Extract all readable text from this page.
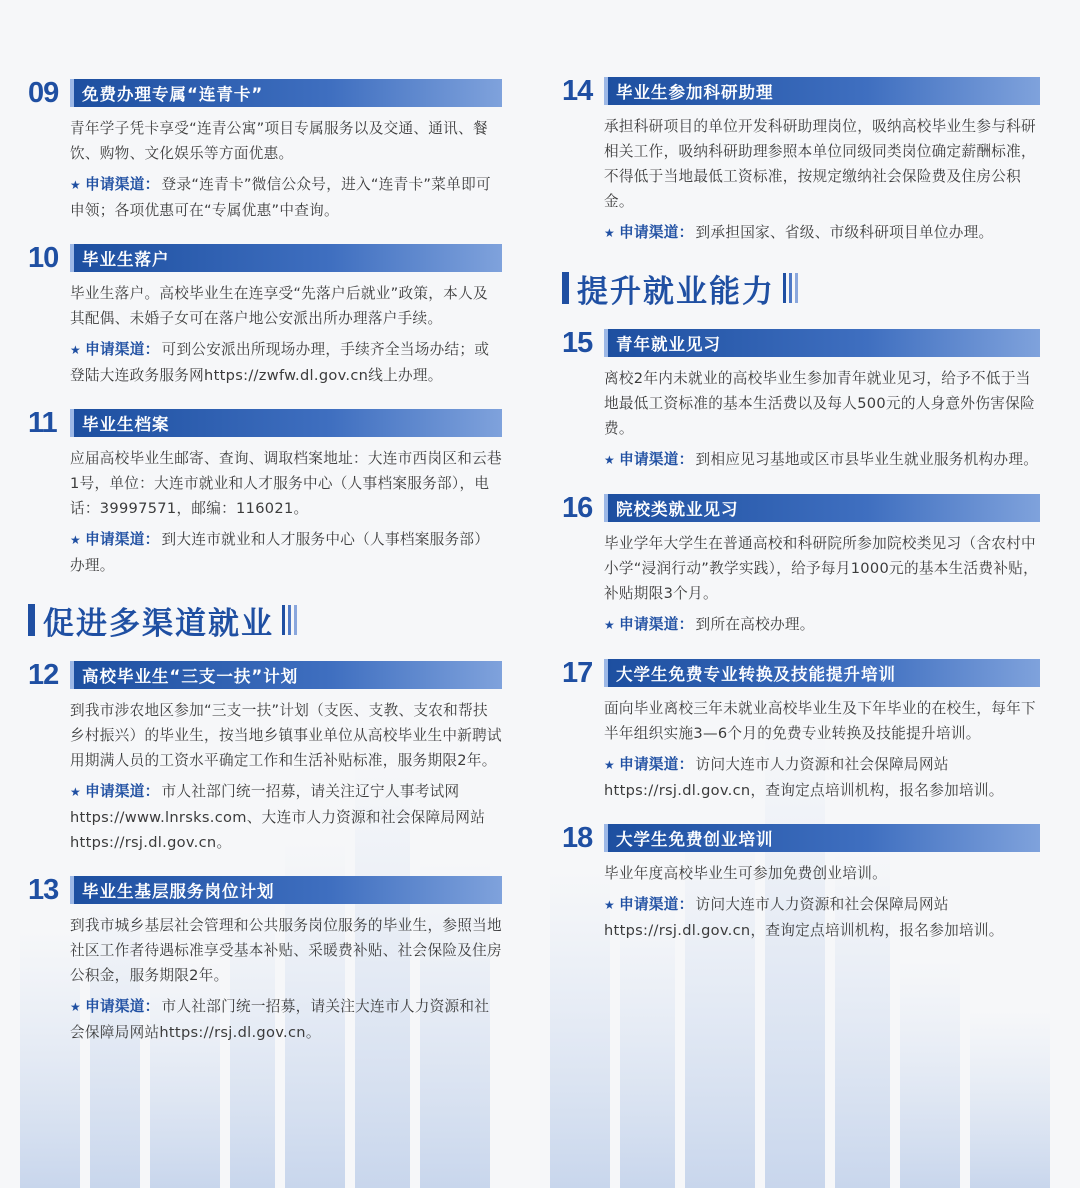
09	免费办理专属“连青卡”

青年学子凭卡享受“连青公寓”项目专属服务以及交通、通讯、餐饮、购物、文化娱乐等方面优惠。

★ 申请渠道： 登录“连青卡”微信公众号，进入“连青卡”菜单即可申领；各项优惠可在“专属优惠”中查询。

10	毕业生落户

毕业生落户。高校毕业生在连享受“先落户后就业”政策，本人及其配偶、未婚子女可在落户地公安派出所办理落户手续。

★ 申请渠道： 可到公安派出所现场办理，手续齐全当场办结；或登陆大连政务服务网https://zwfw.dl.gov.cn线上办理。

11	毕业生档案

应届高校毕业生邮寄、查询、调取档案地址：大连市西岗区和云巷1号，单位：大连市就业和人才服务中心（人事档案服务部），电话：39997571，邮编：116021。

★ 申请渠道： 到大连市就业和人才服务中心（人事档案服务部）办理。

促进多渠道就业
12	高校毕业生“三支一扶”计划

到我市涉农地区参加“三支一扶”计划（支医、支教、支农和帮扶乡村振兴）的毕业生，按当地乡镇事业单位从高校毕业生中新聘试用期满人员的工资水平确定工作和生活补贴标准，服务期限2年。

★ 申请渠道： 市人社部门统一招募，请关注辽宁人事考试网https://www.lnrsks.com、大连市人力资源和社会保障局网站https://rsj.dl.gov.cn。

13	毕业生基层服务岗位计划

到我市城乡基层社会管理和公共服务岗位服务的毕业生，参照当地社区工作者待遇标准享受基本补贴、采暖费补贴、社会保险及住房公积金，服务期限2年。

★ 申请渠道： 市人社部门统一招募，请关注大连市人力资源和社会保障局网站https://rsj.dl.gov.cn。

14	毕业生参加科研助理

承担科研项目的单位开发科研助理岗位，吸纳高校毕业生参与科研相关工作，吸纳科研助理参照本单位同级同类岗位确定薪酬标准，不得低于当地最低工资标准，按规定缴纳社会保险费及住房公积金。

★ 申请渠道： 到承担国家、省级、市级科研项目单位办理。

提升就业能力
15	青年就业见习

离校2年内未就业的高校毕业生参加青年就业见习，给予不低于当地最低工资标准的基本生活费以及每人500元的人身意外伤害保险费。

★ 申请渠道： 到相应见习基地或区市县毕业生就业服务机构办理。

16	院校类就业见习

毕业学年大学生在普通高校和科研院所参加院校类见习（含农村中小学“浸润行动”教学实践），给予每月1000元的基本生活费补贴，补贴期限3个月。

★ 申请渠道： 到所在高校办理。

17	大学生免费专业转换及技能提升培训

面向毕业离校三年未就业高校毕业生及下年毕业的在校生，每年下半年组织实施3—6个月的免费专业转换及技能提升培训。

★ 申请渠道： 访问大连市人力资源和社会保障局网站https://rsj.dl.gov.cn，查询定点培训机构，报名参加培训。

18	大学生免费创业培训

毕业年度高校毕业生可参加免费创业培训。

★ 申请渠道： 访问大连市人力资源和社会保障局网站https://rsj.dl.gov.cn，查询定点培训机构，报名参加培训。
